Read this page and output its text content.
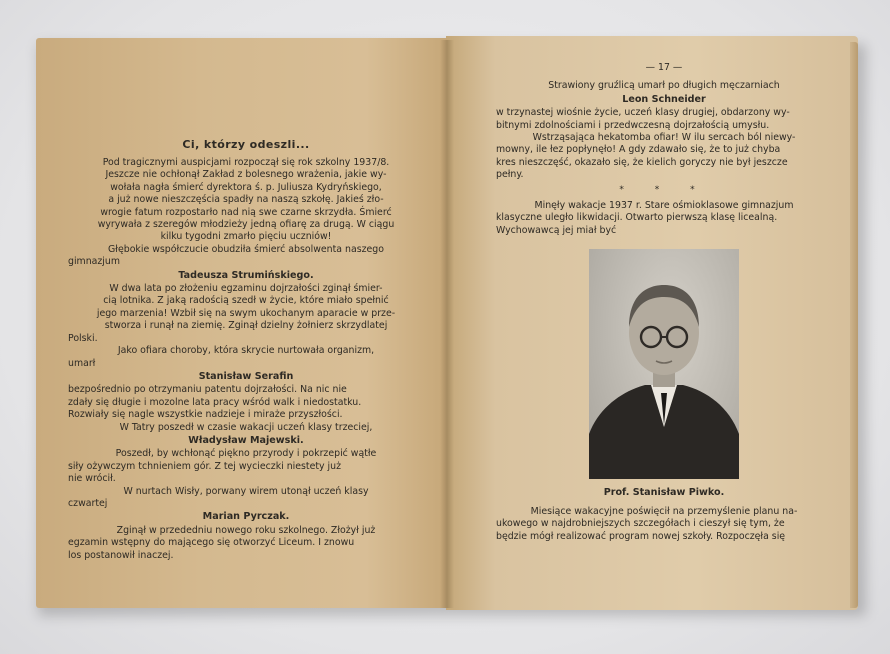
Ci, którzy odeszli...

Pod tragicznymi auspicjami rozpoczął się rok szkolny 1937/8.

Jeszcze nie ochłonął Zakład z bolesnego wrażenia, jakie wy-

wołała nagła śmierć dyrektora ś. p. Juliusza Kydryńskiego,

a już nowe nieszczęścia spadły na naszą szkołę. Jakieś zło-

wrogie fatum rozpostarło nad nią swe czarne skrzydła. Śmierć

wyrywała z szeregów młodzieży jedną ofiarę za drugą. W ciągu

kilku tygodni zmarło pięciu uczniów!

Głębokie współczucie obudziła śmierć absolwenta naszego

gimnazjum

Tadeusza Strumińskiego.

W dwa lata po złożeniu egzaminu dojrzałości zginął śmier-

cią lotnika. Z jaką radością szedł w życie, które miało spełnić

jego marzenia! Wzbił się na swym ukochanym aparacie w prze-

stworza i runął na ziemię. Zginął dzielny żołnierz skrzydlatej

Polski.

Jako ofiara choroby, która skrycie nurtowała organizm,

umarł

Stanisław Serafin

bezpośrednio po otrzymaniu patentu dojrzałości. Na nic nie

zdały się długie i mozolne lata pracy wśród walk i niedostatku.

Rozwiały się nagle wszystkie nadzieje i miraże przyszłości.

W Tatry poszedł w czasie wakacji uczeń klasy trzeciej,

Władysław Majewski.

Poszedł, by wchłonąć piękno przyrody i pokrzepić wątłe

siły ożywczym tchnieniem gór. Z tej wycieczki niestety już

nie wrócił.

W nurtach Wisły, porwany wirem utonął uczeń klasy

czwartej

Marian Pyrczak.

Zginął w przededniu nowego roku szkolnego. Złożył już

egzamin wstępny do mającego się otworzyć Liceum. I znowu

los postanowił inaczej.

— 17 —

Strawiony gruźlicą umarł po długich męczarniach

Leon Schneider

w trzynastej wiośnie życie, uczeń klasy drugiej, obdarzony wy-

bitnymi zdolnościami i przedwczesną dojrzałością umysłu.

Wstrząsająca hekatomba ofiar! W ilu sercach ból niewy-

mowny, ile łez popłynęło! A gdy zdawało się, że to już chyba

kres nieszczęść, okazało się, że kielich goryczy nie był jeszcze

pełny.

* * *

Minęły wakacje 1937 r. Stare ośmioklasowe gimnazjum

klasyczne uległo likwidacji. Otwarto pierwszą klasę licealną.

Wychowawcą jej miał być

Prof. Stanisław Piwko.

Miesiące wakacyjne poświęcił na przemyślenie planu na-

ukowego w najdrobniejszych szczegółach i cieszył się tym, że

będzie mógł realizować program nowej szkoły. Rozpoczęła się
